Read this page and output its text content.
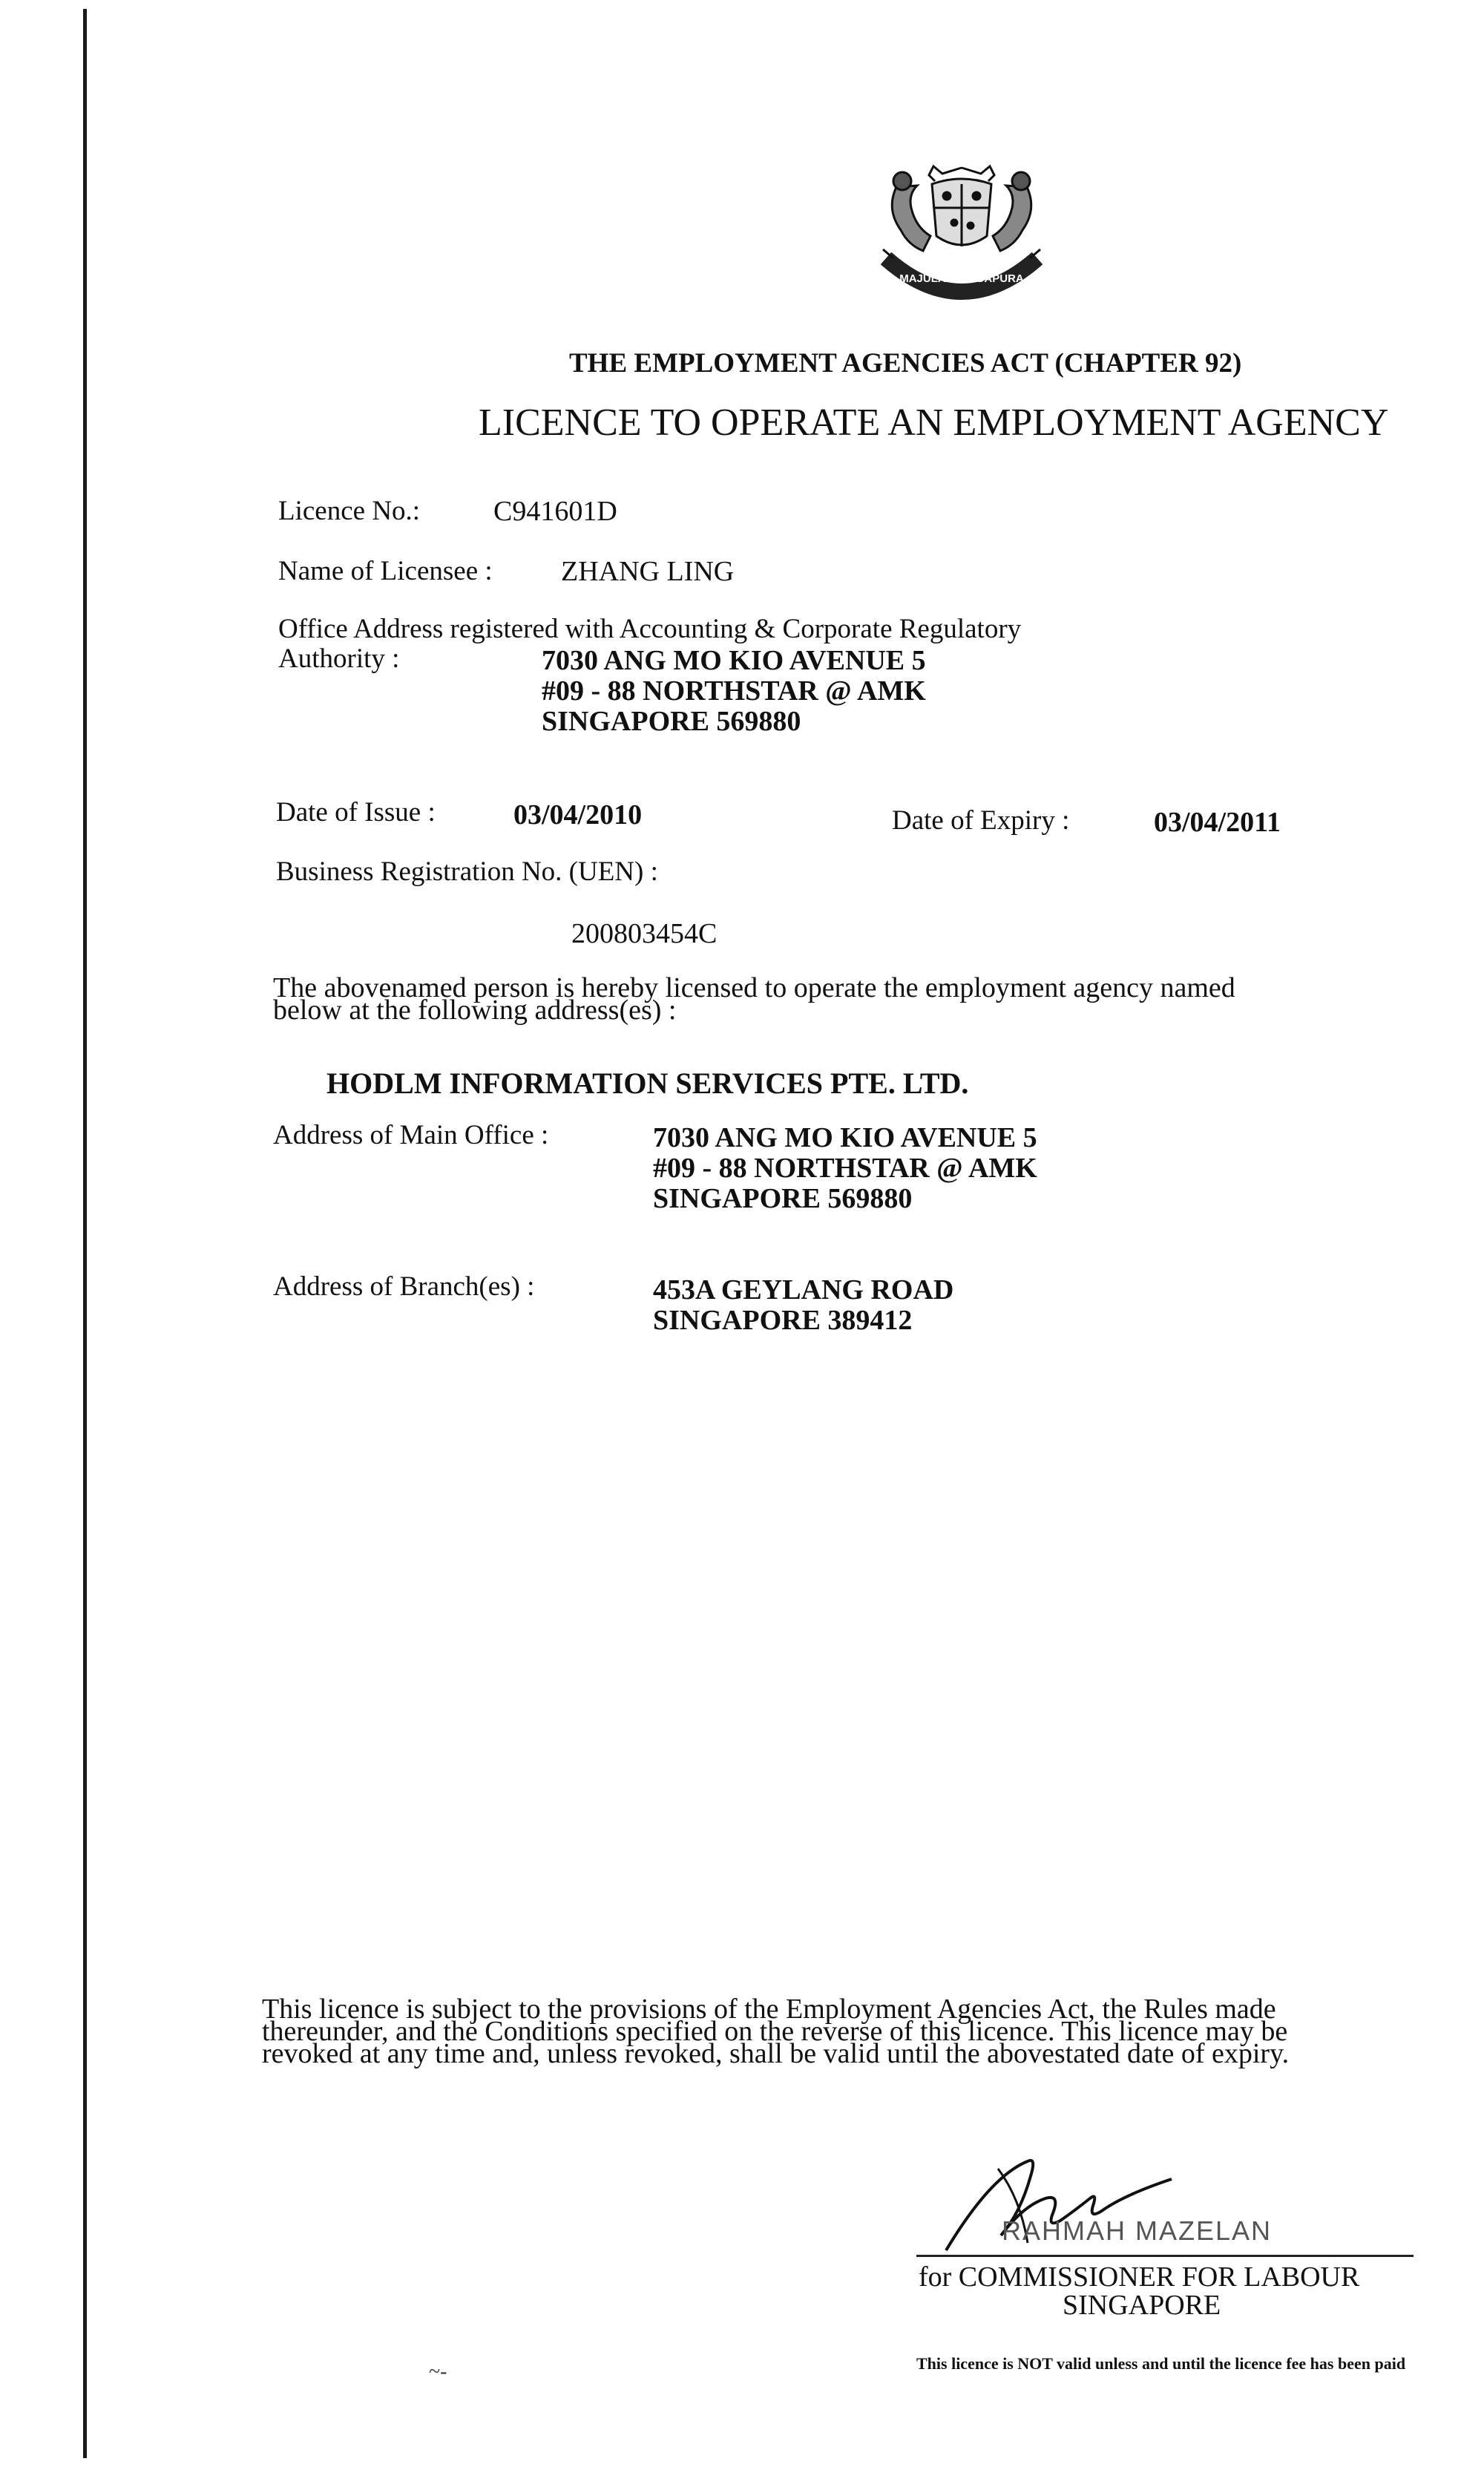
MAJULAH SINGAPURA
THE EMPLOYMENT AGENCIES ACT (CHAPTER 92)
LICENCE TO OPERATE AN EMPLOYMENT AGENCY
Licence No.:	C941601D
Name of Licensee : ZHANG LING
Office Address registered with Accounting & Corporate Regulatory
Authority :	7030 ANG MO KIO AVENUE 5
#09 - 88 NORTHSTAR @ AMK
SINGAPORE 569880
Date of Issue :	03/04/2010	Date of Expiry :	03/04/2011
Business Registration No. (UEN) :
200803454C
The abovenamed person is hereby licensed to operate the employment agency named
below at the following address(es) :
HODLM INFORMATION SERVICES PTE. LTD.
Address of Main Office :	7030 ANG MO KIO AVENUE 5
#09 - 88 NORTHSTAR @ AMK
SINGAPORE 569880
Address of Branch(es) :	453A GEYLANG ROAD
SINGAPORE 389412
This licence is subject to the provisions of the Employment Agencies Act, the Rules made
thereunder, and the Conditions specified on the reverse of this licence. This licence may be
revoked at any time and, unless revoked, shall be valid until the abovestated date of expiry.
RAHMAH MAZELAN
for COMMISSIONER FOR LABOUR
SINGAPORE
This licence is NOT valid unless and until the licence fee has been paid
~-
